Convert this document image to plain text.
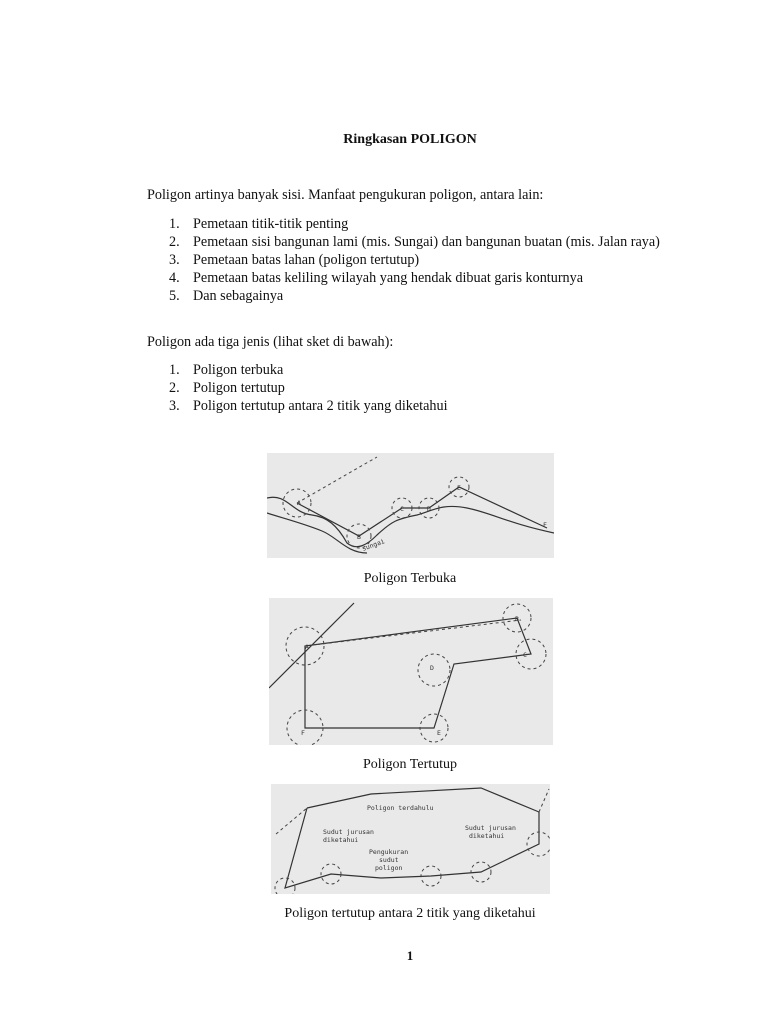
Ringkasan POLIGON
Poligon artinya banyak sisi. Manfaat pengukuran poligon, antara lain:
1. Pemetaan titik-titik penting
2. Pemetaan sisi bangunan lami (mis. Sungai) dan bangunan buatan (mis. Jalan raya)
3. Pemetaan batas lahan (poligon tertutup)
4. Pemetaan batas keliling wilayah yang hendak dibuat garis konturnya
5. Dan sebagainya
Poligon ada tiga jenis (lihat sket di bawah):
1. Poligon terbuka
2. Poligon tertutup
3. Poligon tertutup antara 2 titik yang diketahui
A
B
C	D
E
F
sungai
Poligon Terbuka
A
B
C
D
E
F
Poligon Tertutup
Poligon terdahulu
Sudut jurusan
diketahui
Sudut jurusan
diketahui
Pengukuran
sudut
poligon
Poligon tertutup antara 2 titik yang diketahui
1
